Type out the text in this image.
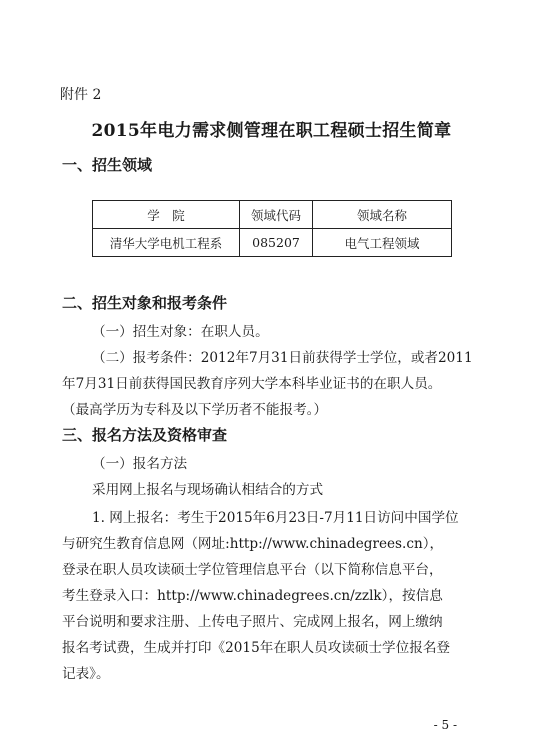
附件 2
2015年电力需求侧管理在职工程硕士招生简章
一、招生领域
学　院	领域代码	领域名称
清华大学电机工程系	085207	电气工程领域
二、招生对象和报考条件
（一）招生对象：在职人员。
（二）报考条件：2012年7月31日前获得学士学位，或者2011
年7月31日前获得国民教育序列大学本科毕业证书的在职人员。
（最高学历为专科及以下学历者不能报考。）
三、报名方法及资格审查
（一）报名方法
采用网上报名与现场确认相结合的方式
1. 网上报名：考生于2015年6月23日-7月11日访问中国学位
与研究生教育信息网（网址:http://www.chinadegrees.cn），
登录在职人员攻读硕士学位管理信息平台（以下简称信息平台，
考生登录入口：http://www.chinadegrees.cn/zzlk），按信息
平台说明和要求注册、上传电子照片、完成网上报名，网上缴纳
报名考试费，生成并打印《2015年在职人员攻读硕士学位报名登
记表》。
- 5 -
